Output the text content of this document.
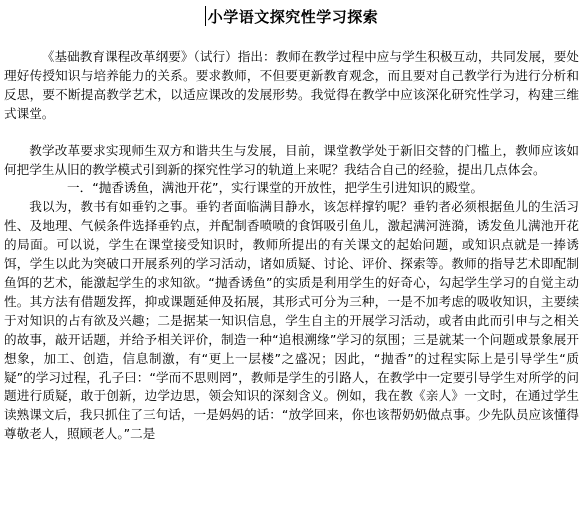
小学语文探究性学习探索

《基础教育课程改革纲要》（试行）指出：教师在教学过程中应与学生积极互动，共同发展，要处理好传授知识与培养能力的关系。要求教师，不但要更新教育观念，而且要对自己教学行为进行分析和反思，要不断提高教学艺术，以适应课改的发展形势。我觉得在教学中应该深化研究性学习，构建三维式课堂。

教学改革要求实现师生双方和谐共生与发展，目前，课堂教学处于新旧交替的门槛上，教师应该如何把学生从旧的教学模式引到新的探究性学习的轨道上来呢？我结合自己的经验，提出几点体会。

一．“抛香诱鱼，满池开花”，实行课堂的开放性，把学生引进知识的殿堂。

我以为，教书有如垂钓之事。垂钓者面临满目静水，该怎样撑钓呢？垂钓者必须根据鱼儿的生活习性、及地理、气候条件选择垂钓点，并配制香喷喷的食饵吸引鱼儿，激起满河涟漪，诱发鱼儿满池开花的局面。可以说，学生在课堂接受知识时，教师所提出的有关课文的起始问题，或知识点就是一捧诱饵，学生以此为突破口开展系列的学习活动，诸如质疑、讨论、评价、探索等。教师的指导艺术即配制鱼饵的艺术，能激起学生的求知欲。“抛香诱鱼”的实质是利用学生的好奇心，勾起学生学习的自觉主动性。其方法有借题发挥，抑或课题延伸及拓展，其形式可分为三种，一是不加考虑的吸收知识，主要续于对知识的占有欲及兴趣；二是据某一知识信息，学生自主的开展学习活动，或者由此而引申与之相关的故事，敲开话题，并给予相关评价，制造一种“追根溯缘”学习的氛围；三是就某一个问题或景象展开想象，加工、创造，信息制激，有“更上一层楼”之盛况；因此，“抛香”的过程实际上是引导学生“质疑”的学习过程，孔子曰：“学而不思则罔”，教师是学生的引路人，在教学中一定要引导学生对所学的问题进行质疑，敢于创新，边学边思，领会知识的深刻含义。例如，我在教《亲人》一文时，在通过学生读熟课文后，我只抓住了三句话，一是妈妈的话：“放学回来，你也该帮奶奶做点事。少先队员应该懂得尊敬老人，照顾老人。”二是
